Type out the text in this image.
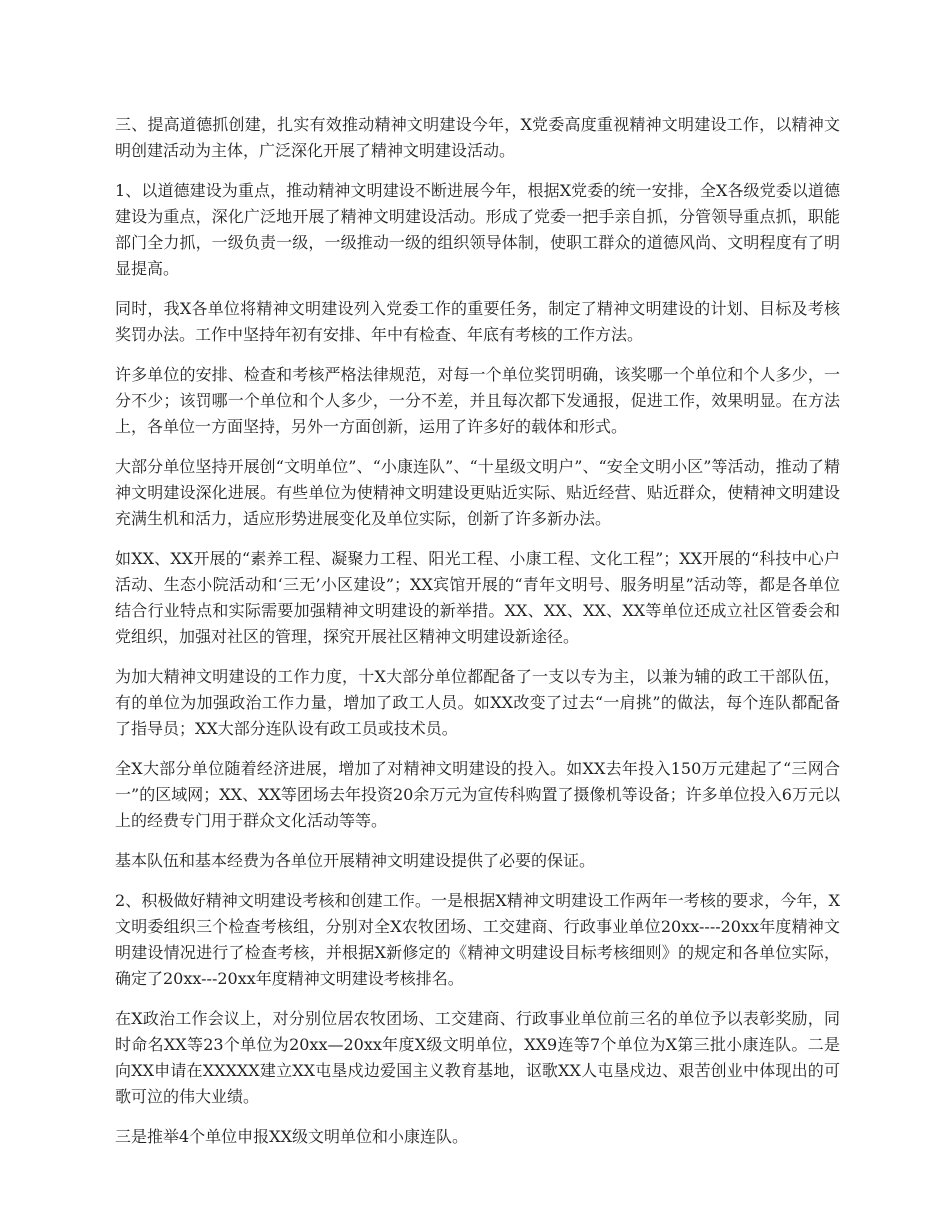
三、提高道德抓创建，扎实有效推动精神文明建设今年，X党委高度重视精神文明建设工作，以精神文明创建活动为主体，广泛深化开展了精神文明建设活动。

1、以道德建设为重点，推动精神文明建设不断进展今年，根据X党委的统一安排，全X各级党委以道德建设为重点，深化广泛地开展了精神文明建设活动。形成了党委一把手亲自抓，分管领导重点抓，职能部门全力抓，一级负责一级，一级推动一级的组织领导体制，使职工群众的道德风尚、文明程度有了明显提高。

同时，我X各单位将精神文明建设列入党委工作的重要任务，制定了精神文明建设的计划、目标及考核奖罚办法。工作中坚持年初有安排、年中有检查、年底有考核的工作方法。

许多单位的安排、检查和考核严格法律规范，对每一个单位奖罚明确，该奖哪一个单位和个人多少，一分不少；该罚哪一个单位和个人多少，一分不差，并且每次都下发通报，促进工作，效果明显。在方法上，各单位一方面坚持，另外一方面创新，运用了许多好的载体和形式。

大部分单位坚持开展创“文明单位”、“小康连队”、“十星级文明户”、“安全文明小区”等活动，推动了精神文明建设深化进展。有些单位为使精神文明建设更贴近实际、贴近经营、贴近群众，使精神文明建设充满生机和活力，适应形势进展变化及单位实际，创新了许多新办法。

如XX、XX开展的“素养工程、凝聚力工程、阳光工程、小康工程、文化工程”；XX开展的“科技中心户活动、生态小院活动和‘三无’小区建设”；XX宾馆开展的“青年文明号、服务明星”活动等，都是各单位结合行业特点和实际需要加强精神文明建设的新举措。XX、XX、XX、XX等单位还成立社区管委会和党组织，加强对社区的管理，探究开展社区精神文明建设新途径。

为加大精神文明建设的工作力度，十X大部分单位都配备了一支以专为主，以兼为辅的政工干部队伍，有的单位为加强政治工作力量，增加了政工人员。如XX改变了过去“一肩挑”的做法，每个连队都配备了指导员；XX大部分连队设有政工员或技术员。

全X大部分单位随着经济进展，增加了对精神文明建设的投入。如XX去年投入150万元建起了“三网合一”的区域网；XX、XX等团场去年投资20余万元为宣传科购置了摄像机等设备；许多单位投入6万元以上的经费专门用于群众文化活动等等。

基本队伍和基本经费为各单位开展精神文明建设提供了必要的保证。

2、积极做好精神文明建设考核和创建工作。一是根据X精神文明建设工作两年一考核的要求，今年，X文明委组织三个检查考核组，分别对全X农牧团场、工交建商、行政事业单位20xx----20xx年度精神文明建设情况进行了检查考核，并根据X新修定的《精神文明建设目标考核细则》的规定和各单位实际，确定了20xx---20xx年度精神文明建设考核排名。

在X政治工作会议上，对分别位居农牧团场、工交建商、行政事业单位前三名的单位予以表彰奖励，同时命名XX等23个单位为20xx—20xx年度X级文明单位，XX9连等7个单位为X第三批小康连队。二是向XX申请在XXXXX建立XX屯垦戍边爱国主义教育基地，讴歌XX人屯垦戍边、艰苦创业中体现出的可歌可泣的伟大业绩。

三是推举4个单位申报XX级文明单位和小康连队。
